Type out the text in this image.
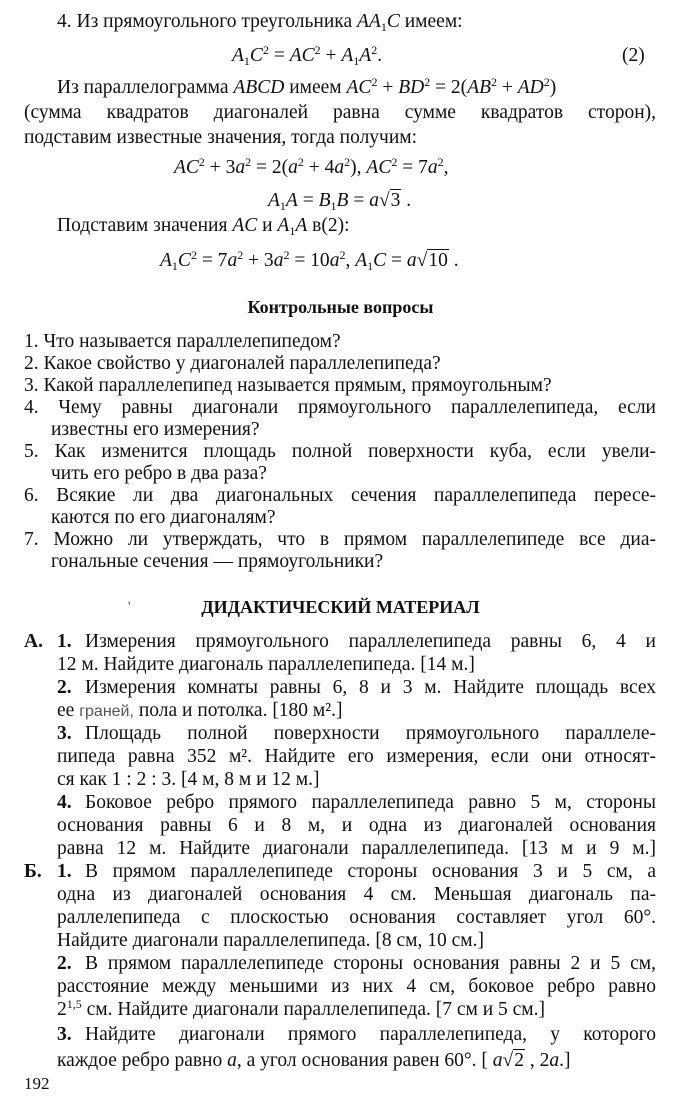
4. Из прямоугольного треугольника $AA_1C$ имеем:
$A_1C^2 = AC^2 + A_1A^2$.	(2)
Из параллелограмма ABCD имеем $AC^2 + BD^2 = 2(AB^2 + AD^2)$
(сумма квадратов диагоналей равна сумме квадратов сторон),
подставим известные значения, тогда получим:
$AC^2 + 3a^2 = 2(a^2 + 4a^2)$, $AC^2 = 7a^2$,
$A_1A = B_1B = a√3$ .
Подставим значения AC и $A_1A$ в(2):
$A_1C^2 = 7a^2 + 3a^2 = 10a^2$, $A_1C = a√10$ .
Контрольные вопросы
1. Что называется параллелепипедом?
2. Какое свойство у диагоналей параллелепипеда?
3. Какой параллелепипед называется прямым, прямоугольным?
4. Чему равны диагонали прямоугольного параллелепипеда, если
известны его измерения?
5. Как изменится площадь полной поверхности куба, если увели-
чить его ребро в два раза?
6. Всякие ли два диагональных сечения параллелепипеда пересе-
каются по его диагоналям?
7. Можно ли утверждать, что в прямом параллелепипеде все диа-
гональные сечения — прямоугольники?
'	ДИДАКТИЧЕСКИЙ МАТЕРИАЛ
А. 1. Измерения прямоугольного параллелепипеда равны 6, 4 и
12 м. Найдите диагональ параллелепипеда. [14 м.]
2. Измерения комнаты равны 6, 8 и 3 м. Найдите площадь всех
ее граней, пола и потолка. [180 м².]
3. Площадь полной поверхности прямоугольного параллеле-
пипеда равна 352 м². Найдите его измерения, если они относят-
ся как 1 : 2 : 3. [4 м, 8 м и 12 м.]
4. Боковое ребро прямого параллелепипеда равно 5 м, стороны
основания равны 6 и 8 м, и одна из диагоналей основания
равна 12 м. Найдите диагонали параллелепипеда. [13 м и 9 м.]
Б. 1. В прямом параллелепипеде стороны основания 3 и 5 см, а
одна из диагоналей основания 4 см. Меньшая диагональ па-
раллелепипеда с плоскостью основания составляет угол 60°.
Найдите диагонали параллелепипеда. [8 см, 10 см.]
2. В прямом параллелепипеде стороны основания равны 2 и 5 см,
расстояние между меньшими из них 4 см, боковое ребро равно
2$^{1,5}$ см. Найдите диагонали параллелепипеда. [7 см и 5 см.]
3. Найдите диагонали прямого параллелепипеда, у которого
каждое ребро равно a, а угол основания равен 60°. [ a√2 , 2a.]
192
